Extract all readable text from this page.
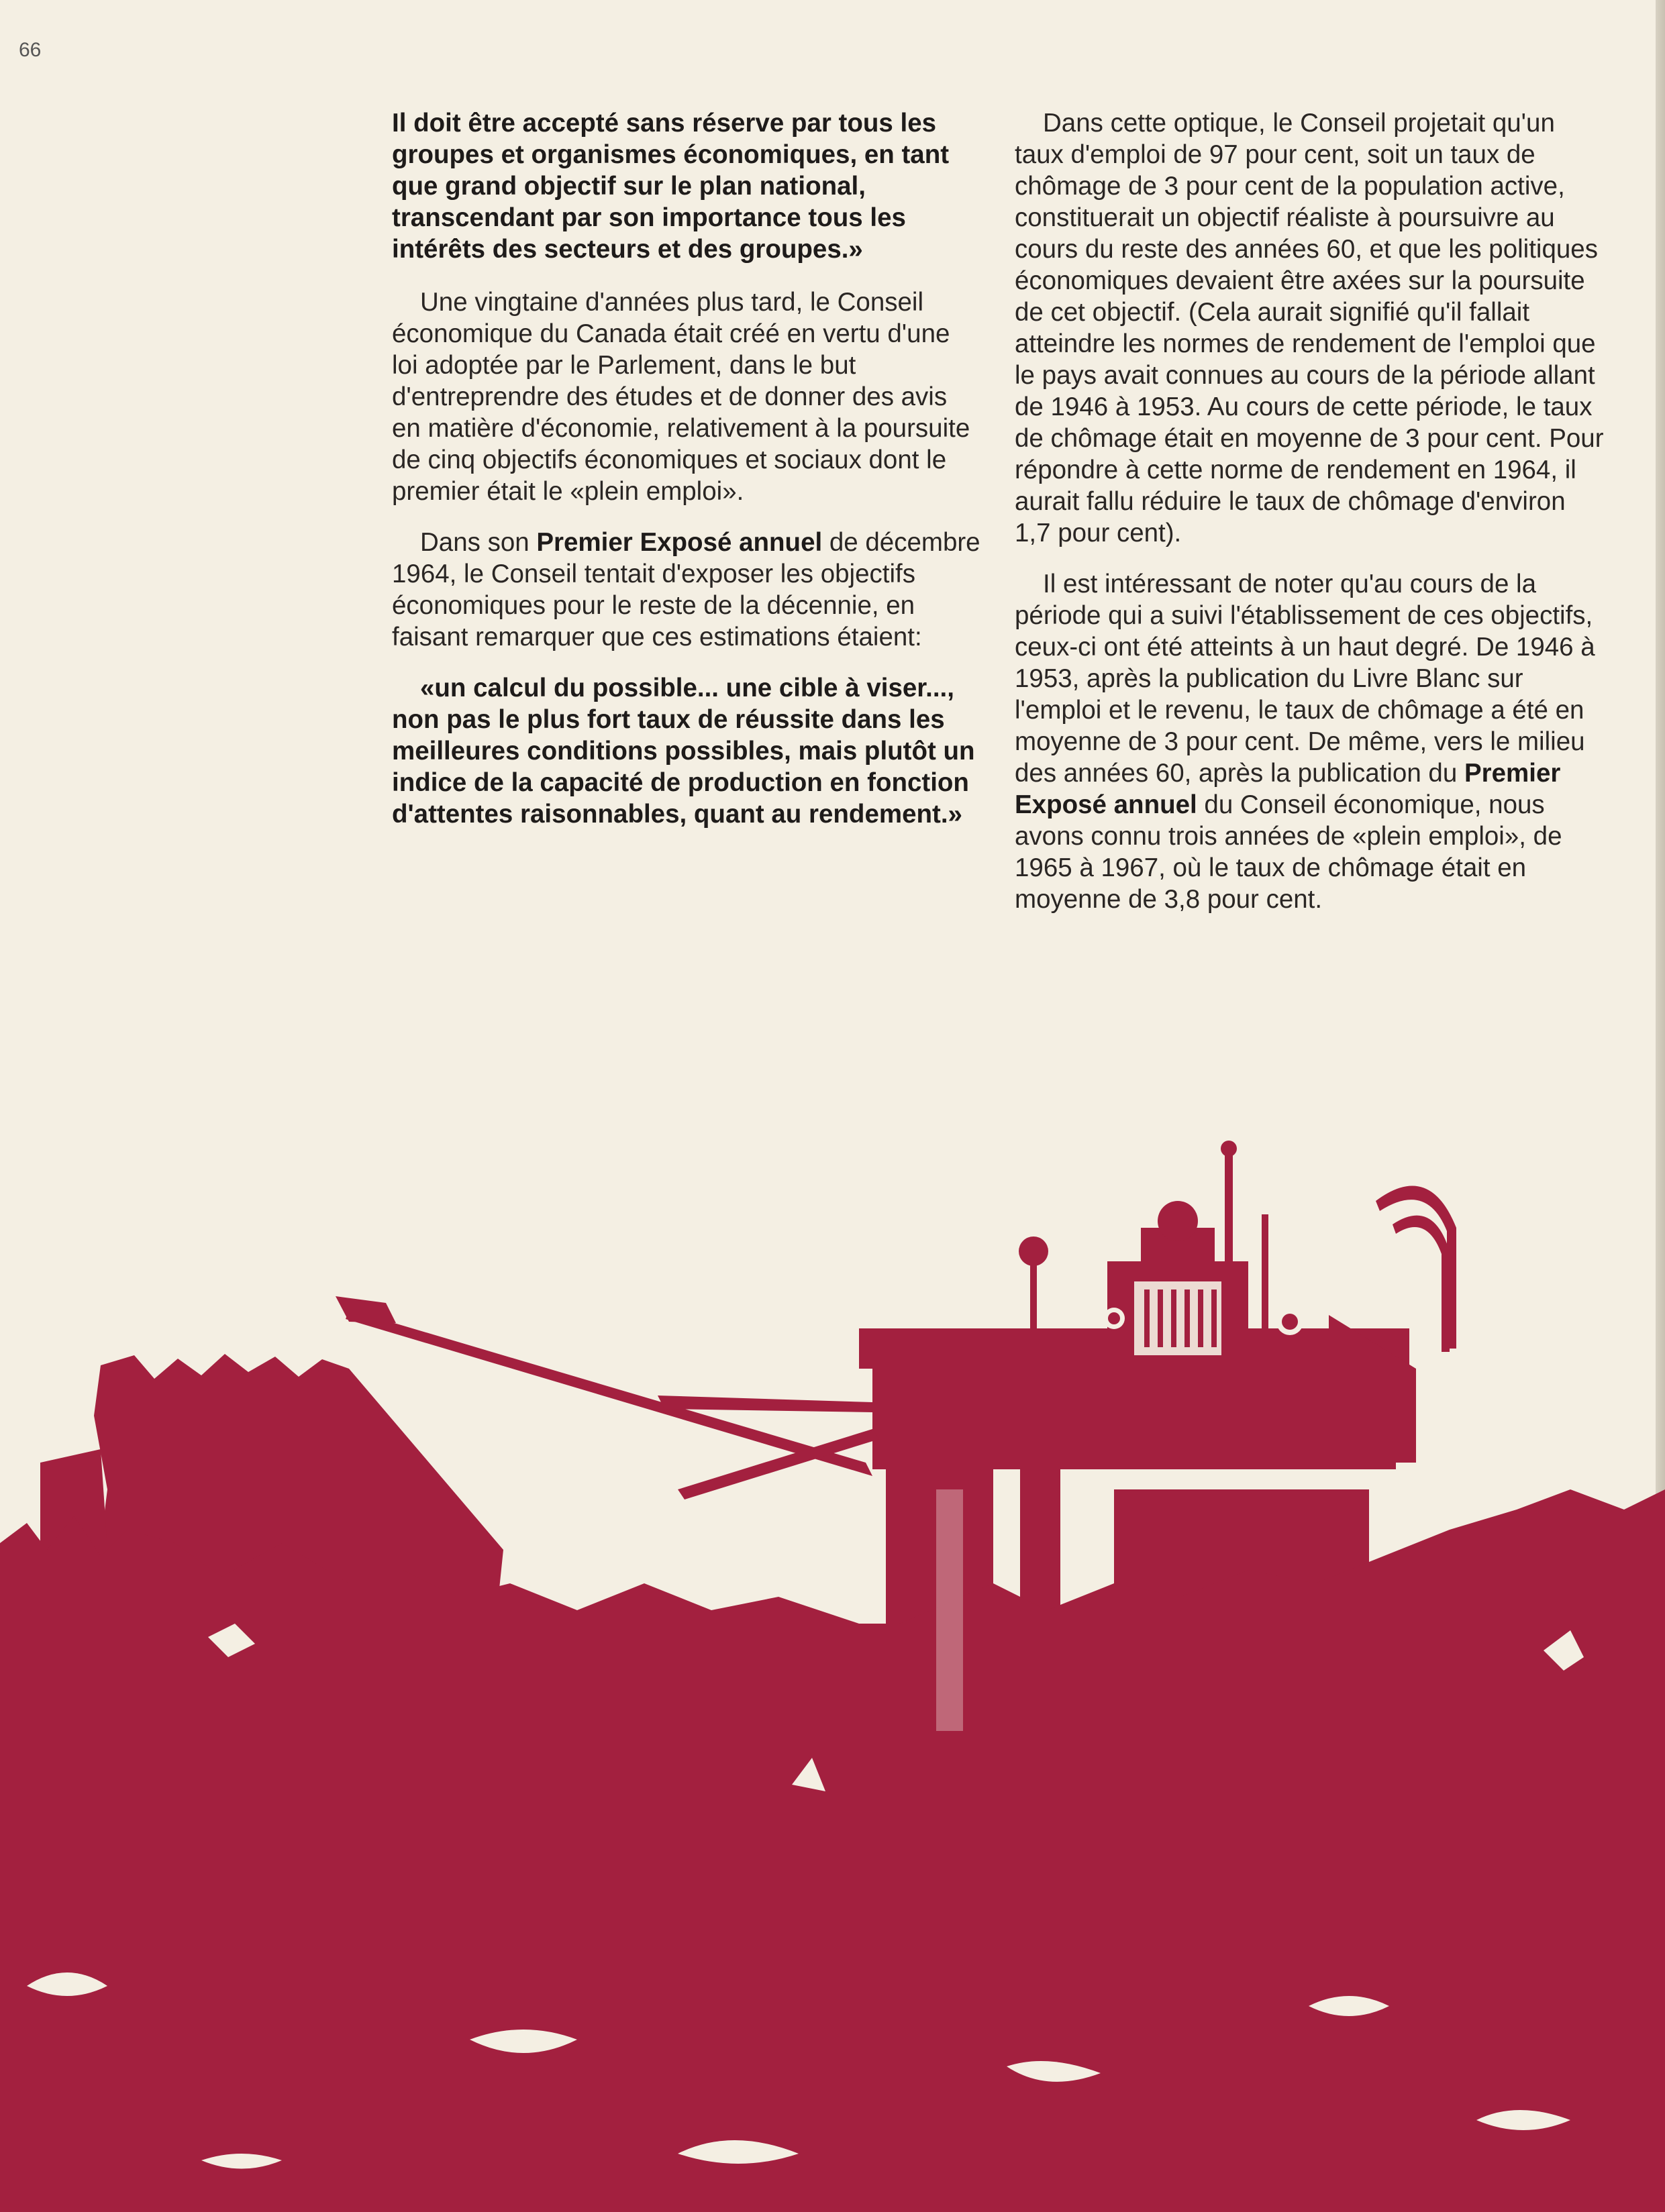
66

Il doit être accepté sans réserve par tous les groupes et organismes économiques, en tant que grand objectif sur le plan national, transcendant par son importance tous les intérêts des secteurs et des groupes.»

Une vingtaine d'années plus tard, le Conseil économique du Canada était créé en vertu d'une loi adoptée par le Parlement, dans le but d'entreprendre des études et de donner des avis en matière d'économie, relativement à la poursuite de cinq objectifs économiques et sociaux dont le premier était le «plein emploi».

Dans son Premier Exposé annuel de décembre 1964, le Conseil tentait d'exposer les objectifs économiques pour le reste de la décennie, en faisant remarquer que ces estimations étaient:

«un calcul du possible... une cible à viser..., non pas le plus fort taux de réussite dans les meilleures conditions possibles, mais plutôt un indice de la capacité de production en fonction d'attentes raisonnables, quant au rendement.»

Dans cette optique, le Conseil projetait qu'un taux d'emploi de 97 pour cent, soit un taux de chômage de 3 pour cent de la population active, constituerait un objectif réaliste à poursuivre au cours du reste des années 60, et que les politiques économiques devaient être axées sur la poursuite de cet objectif. (Cela aurait signifié qu'il fallait atteindre les normes de rendement de l'emploi que le pays avait connues au cours de la période allant de 1946 à 1953. Au cours de cette période, le taux de chômage était en moyenne de 3 pour cent. Pour répondre à cette norme de rendement en 1964, il aurait fallu réduire le taux de chômage d'environ 1,7 pour cent).

Il est intéressant de noter qu'au cours de la période qui a suivi l'établissement de ces objectifs, ceux-ci ont été atteints à un haut degré. De 1946 à 1953, après la publication du Livre Blanc sur l'emploi et le revenu, le taux de chômage a été en moyenne de 3 pour cent. De même, vers le milieu des années 60, après la publication du Premier Exposé annuel du Conseil économique, nous avons connu trois années de «plein emploi», de 1965 à 1967, où le taux de chômage était en moyenne de 3,8 pour cent.
